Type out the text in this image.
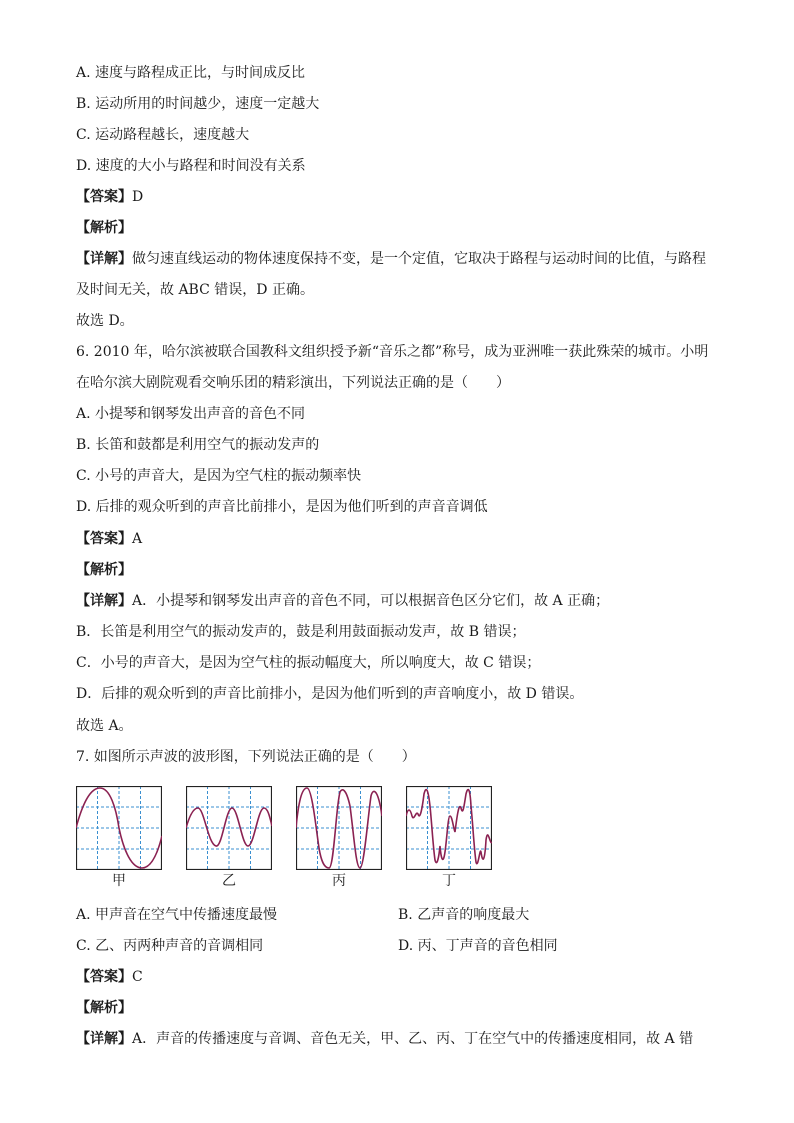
A. 速度与路程成正比，与时间成反比
B. 运动所用的时间越少，速度一定越大
C. 运动路程越长，速度越大
D. 速度的大小与路程和时间没有关系
【答案】D
【解析】
【详解】做匀速直线运动的物体速度保持不变，是一个定值，它取决于路程与运动时间的比值，与路程
及时间无关，故 ABC 错误，D 正确。
故选 D。
6. 2010 年，哈尔滨被联合国教科文组织授予新“音乐之都”称号，成为亚洲唯一获此殊荣的城市。小明
在哈尔滨大剧院观看交响乐团的精彩演出，下列说法正确的是（　　）
A. 小提琴和钢琴发出声音的音色不同
B. 长笛和鼓都是利用空气的振动发声的
C. 小号的声音大，是因为空气柱的振动频率快
D. 后排的观众听到的声音比前排小，是因为他们听到的声音音调低
【答案】A
【解析】
【详解】A．小提琴和钢琴发出声音的音色不同，可以根据音色区分它们，故 A 正确；
B．长笛是利用空气的振动发声的，鼓是利用鼓面振动发声，故 B 错误；
C．小号的声音大，是因为空气柱的振动幅度大，所以响度大，故 C 错误；
D．后排的观众听到的声音比前排小，是因为他们听到的声音响度小，故 D 错误。
故选 A。
7. 如图所示声波的波形图，下列说法正确的是（　　）
甲	乙	丙	丁
A. 甲声音在空气中传播速度最慢	B. 乙声音的响度最大
C. 乙、丙两种声音的音调相同	D. 丙、丁声音的音色相同
【答案】C
【解析】
【详解】A．声音的传播速度与音调、音色无关，甲、乙、丙、丁在空气中的传播速度相同，故 A 错
